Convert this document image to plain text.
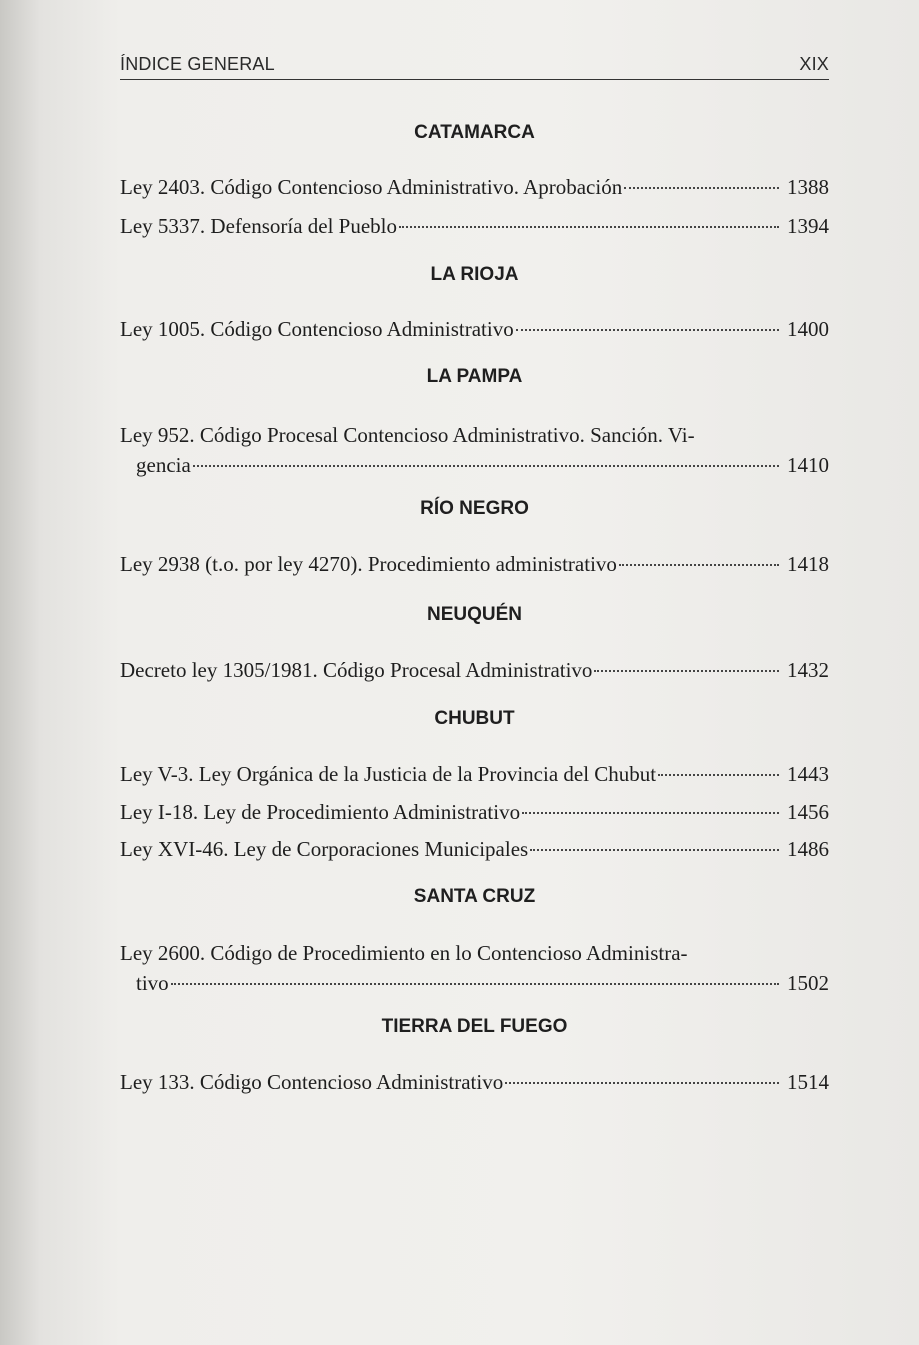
ÍNDICE GENERAL	XIX
CATAMARCA
Ley 2403. Código Contencioso Administrativo. Aprobación	1388
Ley 5337. Defensoría del Pueblo	1394
LA RIOJA
Ley 1005. Código Contencioso Administrativo	1400
LA PAMPA
Ley 952. Código Procesal Contencioso Administrativo. Sanción. Vi-
gencia	1410
RÍO NEGRO
Ley 2938 (t.o. por ley 4270). Procedimiento administrativo	1418
NEUQUÉN
Decreto ley 1305/1981. Código Procesal Administrativo	1432
CHUBUT
Ley V-3. Ley Orgánica de la Justicia de la Provincia del Chubut	1443
Ley I-18. Ley de Procedimiento Administrativo	1456
Ley XVI-46. Ley de Corporaciones Municipales	1486
SANTA CRUZ
Ley 2600. Código de Procedimiento en lo Contencioso Administra-
tivo	1502
TIERRA DEL FUEGO
Ley 133. Código Contencioso Administrativo	1514
